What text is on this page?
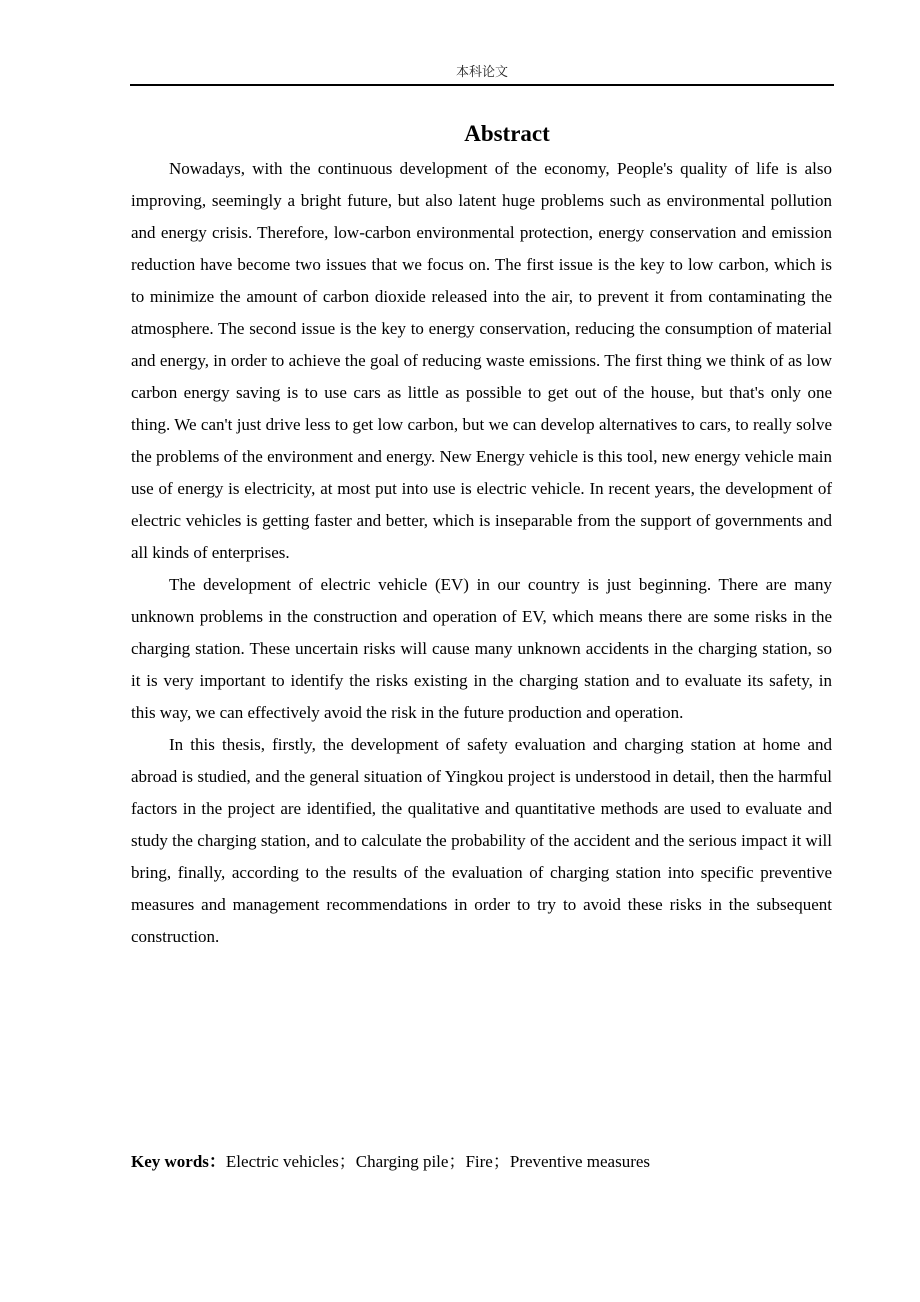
本科论文
Abstract

Nowadays, with the continuous development of the economy, People's quality of life is also improving, seemingly a bright future, but also latent huge problems such as environmental pollution and energy crisis. Therefore, low-carbon environmental protection, energy conservation and emission reduction have become two issues that we focus on. The first issue is the key to low carbon, which is to minimize the amount of carbon dioxide released into the air, to prevent it from contaminating the atmosphere. The second issue is the key to energy conservation, reducing the consumption of material and energy, in order to achieve the goal of reducing waste emissions. The first thing we think of as low carbon energy saving is to use cars as little as possible to get out of the house, but that's only one thing. We can't just drive less to get low carbon, but we can develop alternatives to cars, to really solve the problems of the environment and energy. New Energy vehicle is this tool, new energy vehicle main use of energy is electricity, at most put into use is electric vehicle. In recent years, the development of electric vehicles is getting faster and better, which is inseparable from the support of governments and all kinds of enterprises.

The development of electric vehicle (EV) in our country is just beginning. There are many unknown problems in the construction and operation of EV, which means there are some risks in the charging station. These uncertain risks will cause many unknown accidents in the charging station, so it is very important to identify the risks existing in the charging station and to evaluate its safety, in this way, we can effectively avoid the risk in the future production and operation.

In this thesis, firstly, the development of safety evaluation and charging station at home and abroad is studied, and the general situation of Yingkou project is understood in detail, then the harmful factors in the project are identified, the qualitative and quantitative methods are used to evaluate and study the charging station, and to calculate the probability of the accident and the serious impact it will bring, finally, according to the results of the evaluation of charging station into specific preventive measures and management recommendations in order to try to avoid these risks in the subsequent construction.

Key words：Electric vehicles；Charging pile；Fire；Preventive measures
